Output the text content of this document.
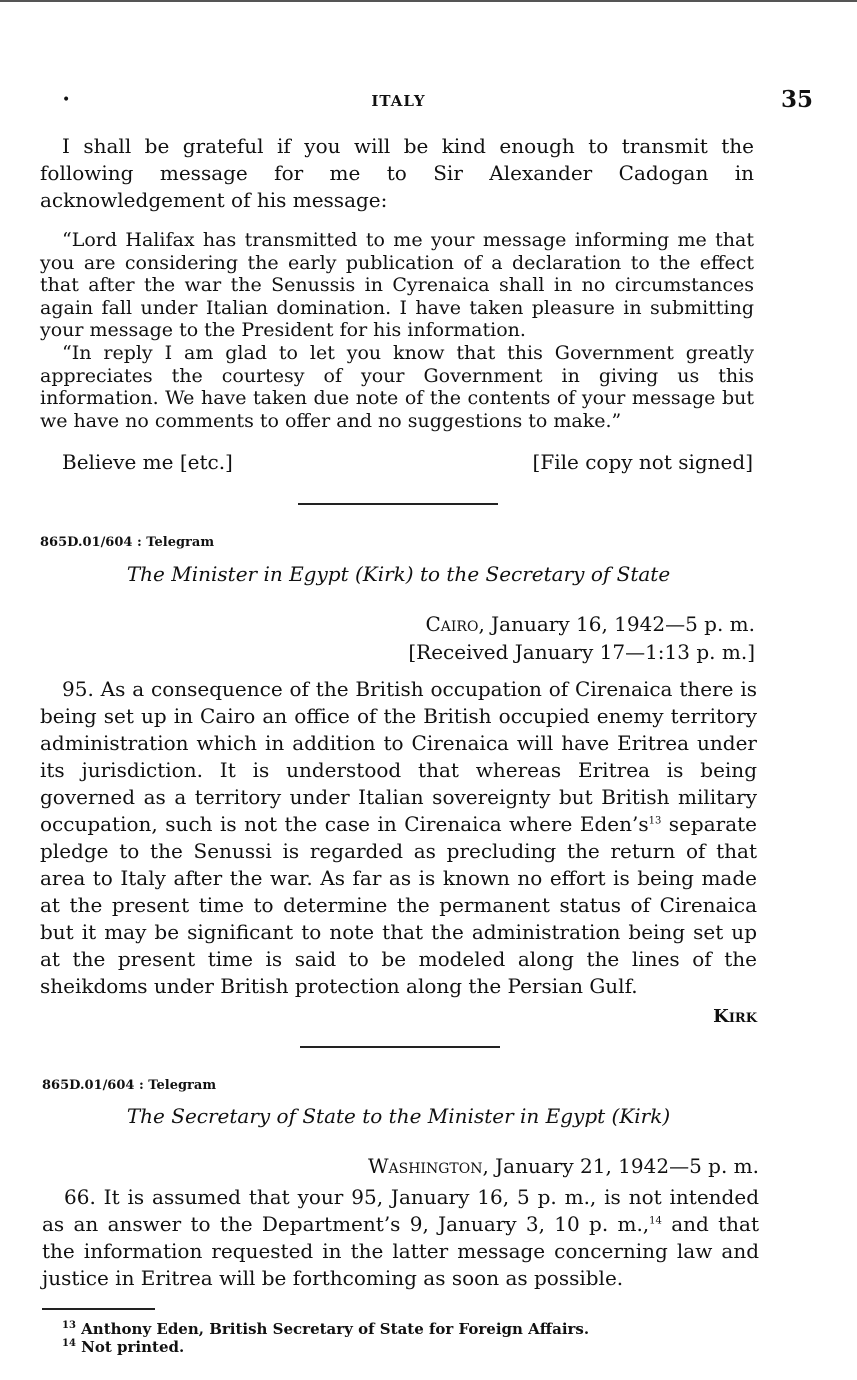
•	ITALY	35

I shall be grateful if you will be kind enough to transmit the following message for me to Sir Alexander Cadogan in acknowledgement of his message:

“Lord Halifax has transmitted to me your message informing me that you are considering the early publication of a declaration to the effect that after the war the Senussis in Cyrenaica shall in no circumstances again fall under Italian domination. I have taken pleasure in submitting your message to the President for his information.

“In reply I am glad to let you know that this Government greatly appreciates the courtesy of your Government in giving us this information. We have taken due note of the contents of your message but we have no comments to offer and no suggestions to make.”

Believe me [etc.]	[File copy not signed]
865D.01/604 : Telegram
The Minister in Egypt (Kirk) to the Secretary of State
Cairo, January 16, 1942—5 p. m.
[Received January 17—1:13 p. m.]

95. As a consequence of the British occupation of Cirenaica there is being set up in Cairo an office of the British occupied enemy territory administration which in addition to Cirenaica will have Eritrea under its jurisdiction. It is understood that whereas Eritrea is being governed as a territory under Italian sovereignty but British military occupation, such is not the case in Cirenaica where $Eden’s^{13}$ separate pledge to the Senussi is regarded as precluding the return of that area to Italy after the war. As far as is known no effort is being made at the present time to determine the permanent status of Cirenaica but it may be significant to note that the administration being set up at the present time is said to be modeled along the lines of the sheikdoms under British protection along the Persian Gulf.

Kirk
865D.01/604 : Telegram
The Secretary of State to the Minister in Egypt (Kirk)
Washington, January 21, 1942—5 p. m.

66. It is assumed that your 95, January 16, 5 p. m., is not intended as an answer to the Department’s 9, January 3, 10 p. m.,$^{14}$ and that the information requested in the latter message concerning law and justice in Eritrea will be forthcoming as soon as possible.

$^{13}$ Anthony Eden, British Secretary of State for Foreign Affairs.
$^{14}$ Not printed.
